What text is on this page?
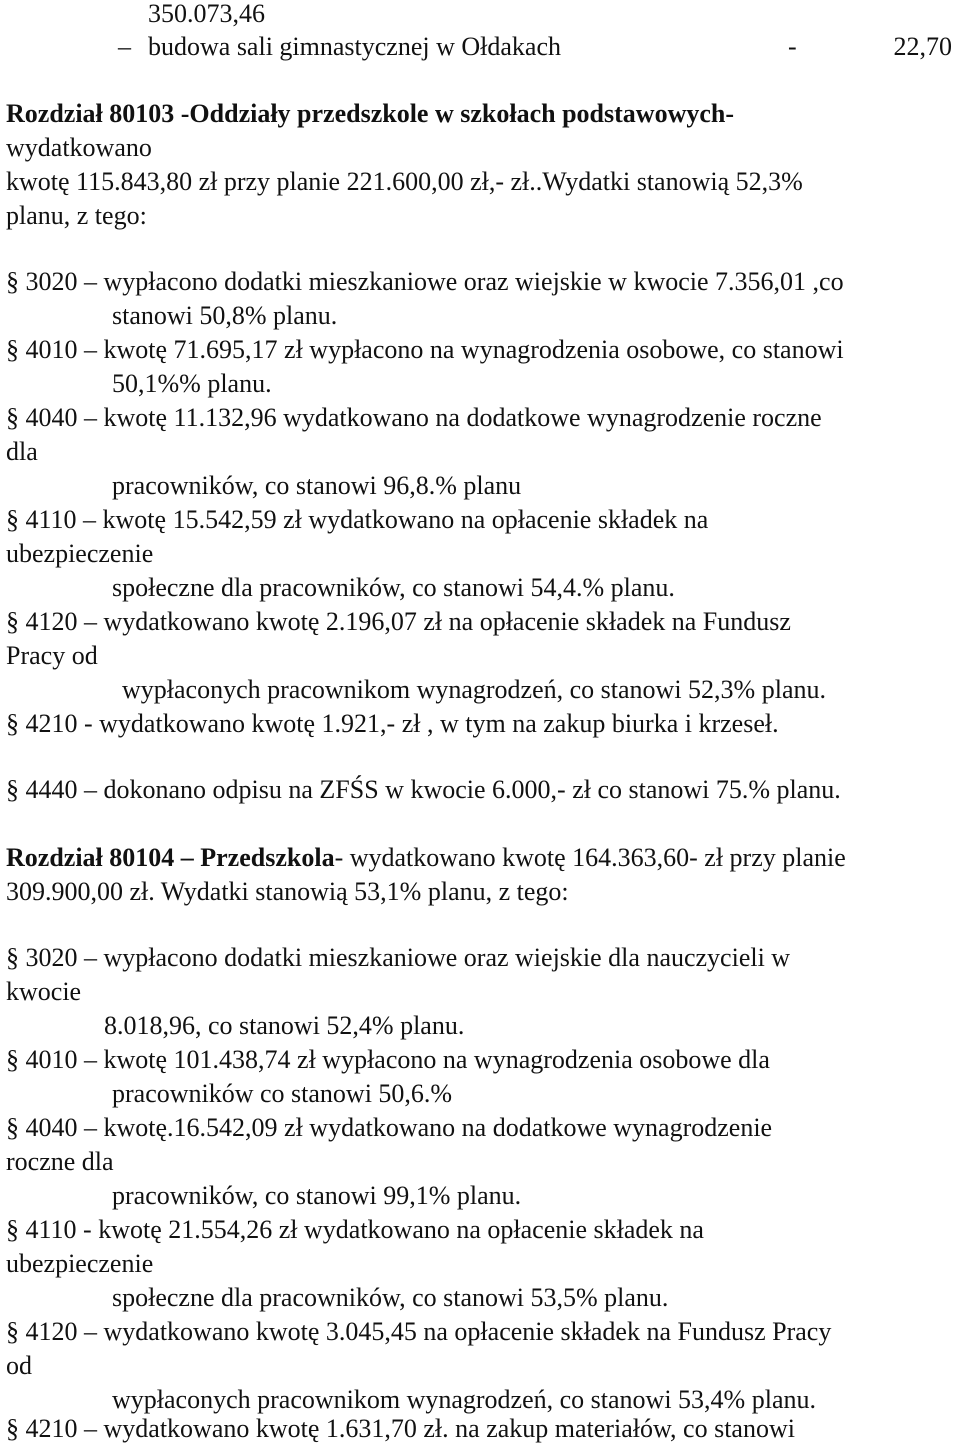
350.073,46
– budowa sali gimnastycznej w Ołdakach	-	22,70
Rozdział 80103 -Oddziały przedszkole w szkołach podstawowych-
wydatkowano
kwotę 115.843,80 zł przy planie 221.600,00 zł,- zł..Wydatki stanowią 52,3%
planu, z tego:
§ 3020 – wypłacono dodatki mieszkaniowe oraz wiejskie w kwocie 7.356,01 ,co
stanowi 50,8% planu.
§ 4010 – kwotę 71.695,17 zł wypłacono na wynagrodzenia osobowe, co stanowi
50,1%% planu.
§ 4040 – kwotę 11.132,96 wydatkowano na dodatkowe wynagrodzenie roczne
dla
pracowników, co stanowi 96,8.% planu
§ 4110 – kwotę 15.542,59 zł wydatkowano na opłacenie składek na
ubezpieczenie
społeczne dla pracowników, co stanowi 54,4.% planu.
§ 4120 – wydatkowano kwotę 2.196,07 zł na opłacenie składek na Fundusz
Pracy od
wypłaconych pracownikom wynagrodzeń, co stanowi 52,3% planu.
§ 4210 - wydatkowano kwotę 1.921,- zł , w tym na zakup biurka i krzeseł.
§ 4440 – dokonano odpisu na ZFŚS w kwocie 6.000,- zł co stanowi 75.% planu.
Rozdział 80104 – Przedszkola- wydatkowano kwotę 164.363,60- zł przy planie
309.900,00 zł. Wydatki stanowią 53,1% planu, z tego:
§ 3020 – wypłacono dodatki mieszkaniowe oraz wiejskie dla nauczycieli w
kwocie
8.018,96, co stanowi 52,4% planu.
§ 4010 – kwotę 101.438,74 zł wypłacono na wynagrodzenia osobowe dla
pracowników co stanowi 50,6.%
§ 4040 – kwotę.16.542,09 zł wydatkowano na dodatkowe wynagrodzenie
roczne dla
pracowników, co stanowi 99,1% planu.
§ 4110 - kwotę 21.554,26 zł wydatkowano na opłacenie składek na
ubezpieczenie
społeczne dla pracowników, co stanowi 53,5% planu.
§ 4120 – wydatkowano kwotę 3.045,45 na opłacenie składek na Fundusz Pracy
od
wypłaconych pracownikom wynagrodzeń, co stanowi 53,4% planu.
§ 4210 – wydatkowano kwotę 1.631,70 zł. na zakup materiałów, co stanowi
